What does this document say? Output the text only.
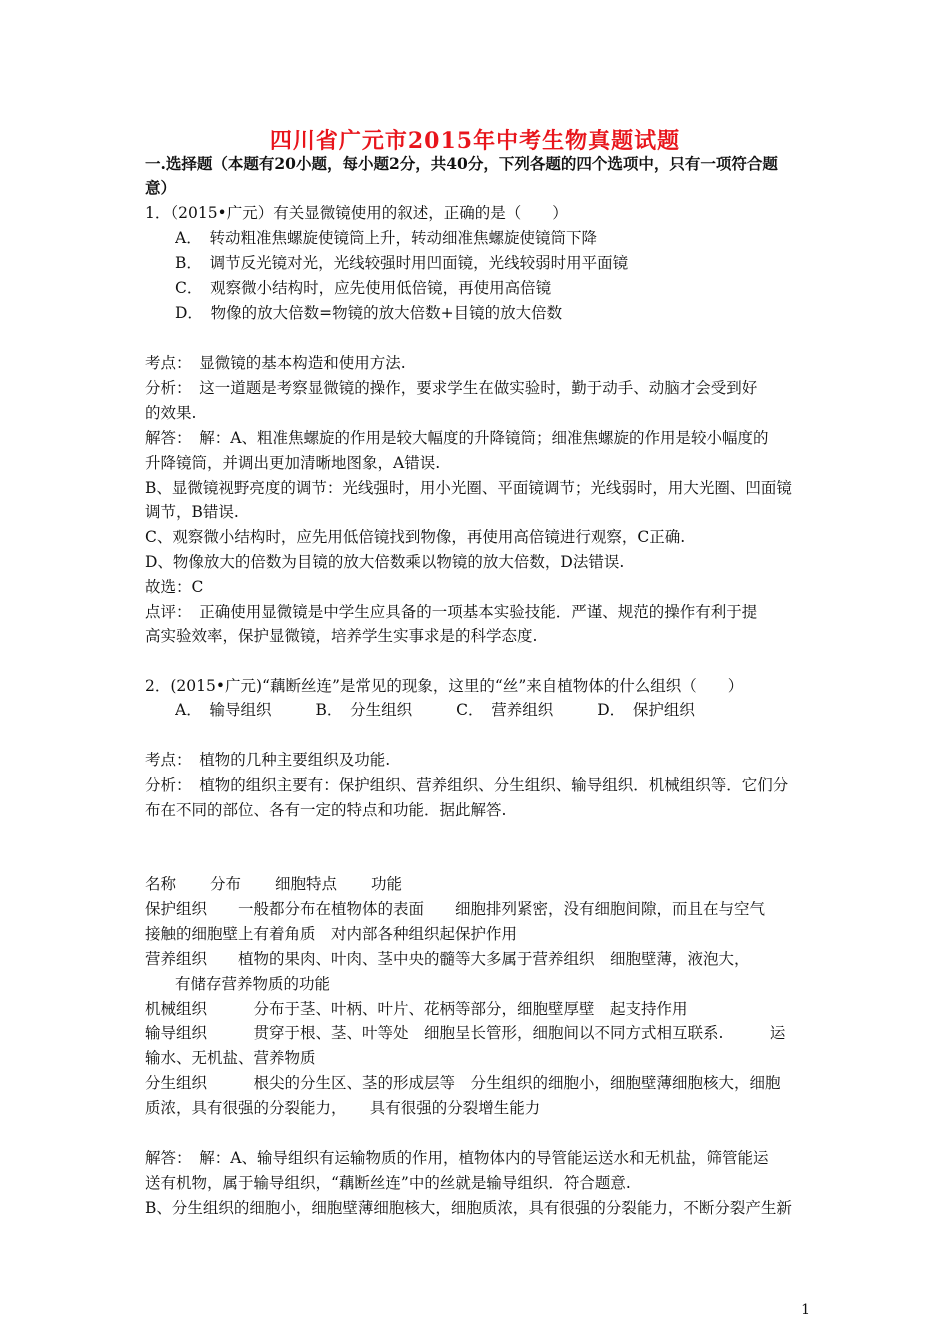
四川省广元市2015年中考生物真题试题
一.选择题（本题有20小题，每小题2分，共40分，下列各题的四个选项中，只有一项符合题
意）
1．（2015•广元）有关显微镜使用的叙述，正确的是（　　）
A．　转动粗准焦螺旋使镜筒上升，转动细准焦螺旋使镜筒下降
B．　调节反光镜对光，光线较强时用凹面镜，光线较弱时用平面镜
C．　观察微小结构时，应先使用低倍镜，再使用高倍镜
D．　物像的放大倍数=物镜的放大倍数+目镜的放大倍数
考点：　显微镜的基本构造和使用方法.
分析：　这一道题是考察显微镜的操作，要求学生在做实验时，勤于动手、动脑才会受到好
的效果.
解答：　解：A、粗准焦螺旋的作用是较大幅度的升降镜筒；细准焦螺旋的作用是较小幅度的
升降镜筒，并调出更加清晰地图象，A错误.
B、显微镜视野亮度的调节：光线强时，用小光圈、平面镜调节；光线弱时，用大光圈、凹面镜
调节，B错误.
C、观察微小结构时，应先用低倍镜找到物像，再使用高倍镜进行观察，C正确.
D、物像放大的倍数为目镜的放大倍数乘以物镜的放大倍数，D法错误.
故选：C
点评：　正确使用显微镜是中学生应具备的一项基本实验技能．严谨、规范的操作有利于提
高实验效率，保护显微镜，培养学生实事求是的科学态度.
2．(2015•广元)“藕断丝连”是常见的现象，这里的“丝”来自植物体的什么组织（　　）
A．　输导组织	B．　分生组织	C．　营养组织	D．　保护组织
考点：　植物的几种主要组织及功能.
分析：　植物的组织主要有：保护组织、营养组织、分生组织、输导组织．机械组织等．它们分
布在不同的部位、各有一定的特点和功能．据此解答.
名称 分布 细胞特点 功能
保护组织　　一般都分布在植物体的表面　　细胞排列紧密，没有细胞间隙，而且在与空气
接触的细胞壁上有着角质　对内部各种组织起保护作用
营养组织　　植物的果肉、叶肉、茎中央的髓等大多属于营养组织　细胞壁薄，液泡大，
有储存营养物质的功能
机械组织　　　分布于茎、叶柄、叶片、花柄等部分，细胞壁厚壁　起支持作用
输导组织　　　贯穿于根、茎、叶等处　细胞呈长管形，细胞间以不同方式相互联系.　　　运
输水、无机盐、营养物质
分生组织　　　根尖的分生区、茎的形成层等　分生组织的细胞小，细胞壁薄细胞核大，细胞
质浓，具有很强的分裂能力，　　具有很强的分裂增生能力
解答：　解：A、输导组织有运输物质的作用，植物体内的导管能运送水和无机盐，筛管能运
送有机物，属于输导组织，“藕断丝连”中的丝就是输导组织．符合题意.
B、分生组织的细胞小，细胞壁薄细胞核大，细胞质浓，具有很强的分裂能力，不断分裂产生新
1
